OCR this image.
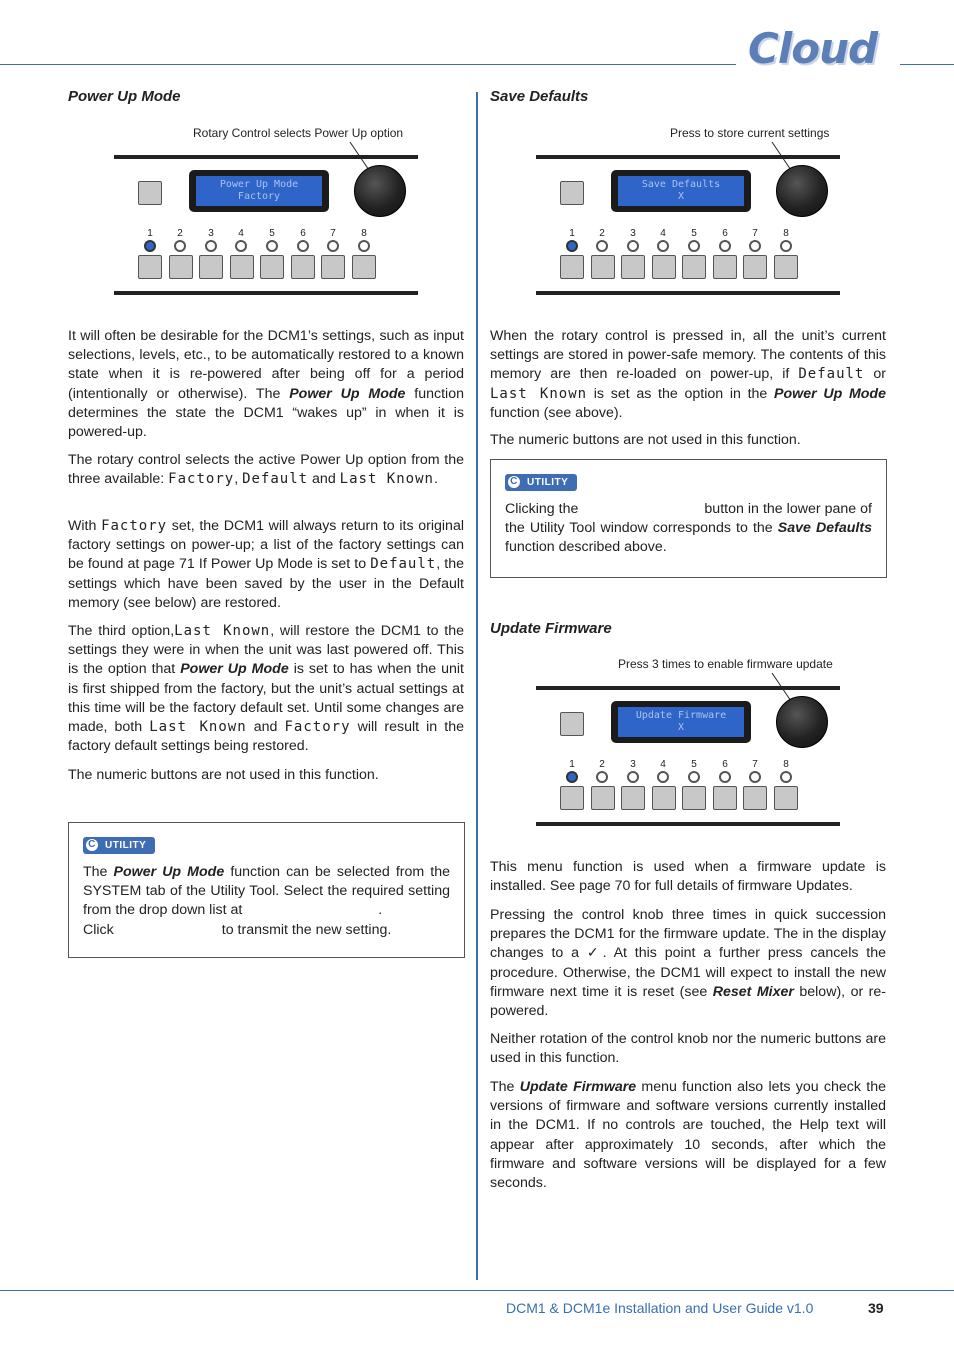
Cloud
Power Up Mode
Rotary Control selects Power Up option
Power Up Mode
Factory
1	2	3	4	5	6	7	8

It will often be desirable for the DCM1’s settings, such as input selections, levels, etc., to be automatically restored to a known state when it is re-powered after being off for a period (intentionally or otherwise). The Power Up Mode function determines the state the DCM1 “wakes up” in when it is powered-up.

The rotary control selects the active Power Up option from the three available: Factory, Default and Last Known.

With Factory set, the DCM1 will always return to its original factory settings on power-up; a list of the factory settings can be found at page 71 If Power Up Mode is set to Default, the settings which have been saved by the user in the Default memory (see below) are restored.

The third option,Last Known, will restore the DCM1 to the settings they were in when the unit was last powered off. This is the option that Power Up Mode is set to has when the unit is first shipped from the factory, but the unit’s actual settings at this time will be the factory default set. Until some changes are made, both Last Known and Factory will result in the factory default settings being restored.

The numeric buttons are not used in this function.

C UTILITY

The Power Up Mode function can be selected from the SYSTEM tab of the Utility Tool. Select the required setting from the drop down list at	.
Click	to transmit the new setting.

Save Defaults
Press to store current settings
Save Defaults
X
1	2	3	4	5	6	7	8

When the rotary control is pressed in, all the unit’s current settings are stored in power-safe memory. The contents of this memory are then re-loaded on power-up, if Default or Last Known is set as the option in the Power Up Mode function (see above).

The numeric buttons are not used in this function.

C UTILITY

Clicking the	button in the lower pane of the Utility Tool window corresponds to the Save Defaults function described above.

Update Firmware
Press 3 times to enable firmware update
Update Firmware
X
1	2	3	4	5	6	7	8

This menu function is used when a firmware update is installed. See page 70 for full details of firmware Updates.

Pressing the control knob three times in quick succession prepares the DCM1 for the firmware update. The in the display changes to a ✓. At this point a further press cancels the procedure. Otherwise, the DCM1 will expect to install the new firmware next time it is reset (see Reset Mixer below), or re-powered.

Neither rotation of the control knob nor the numeric buttons are used in this function.

The Update Firmware menu function also lets you check the versions of firmware and software versions currently installed in the DCM1. If no controls are touched, the Help text will appear after approximately 10 seconds, after which the firmware and software versions will be displayed for a few seconds.

DCM1 & DCM1e Installation and User Guide v1.0	39
